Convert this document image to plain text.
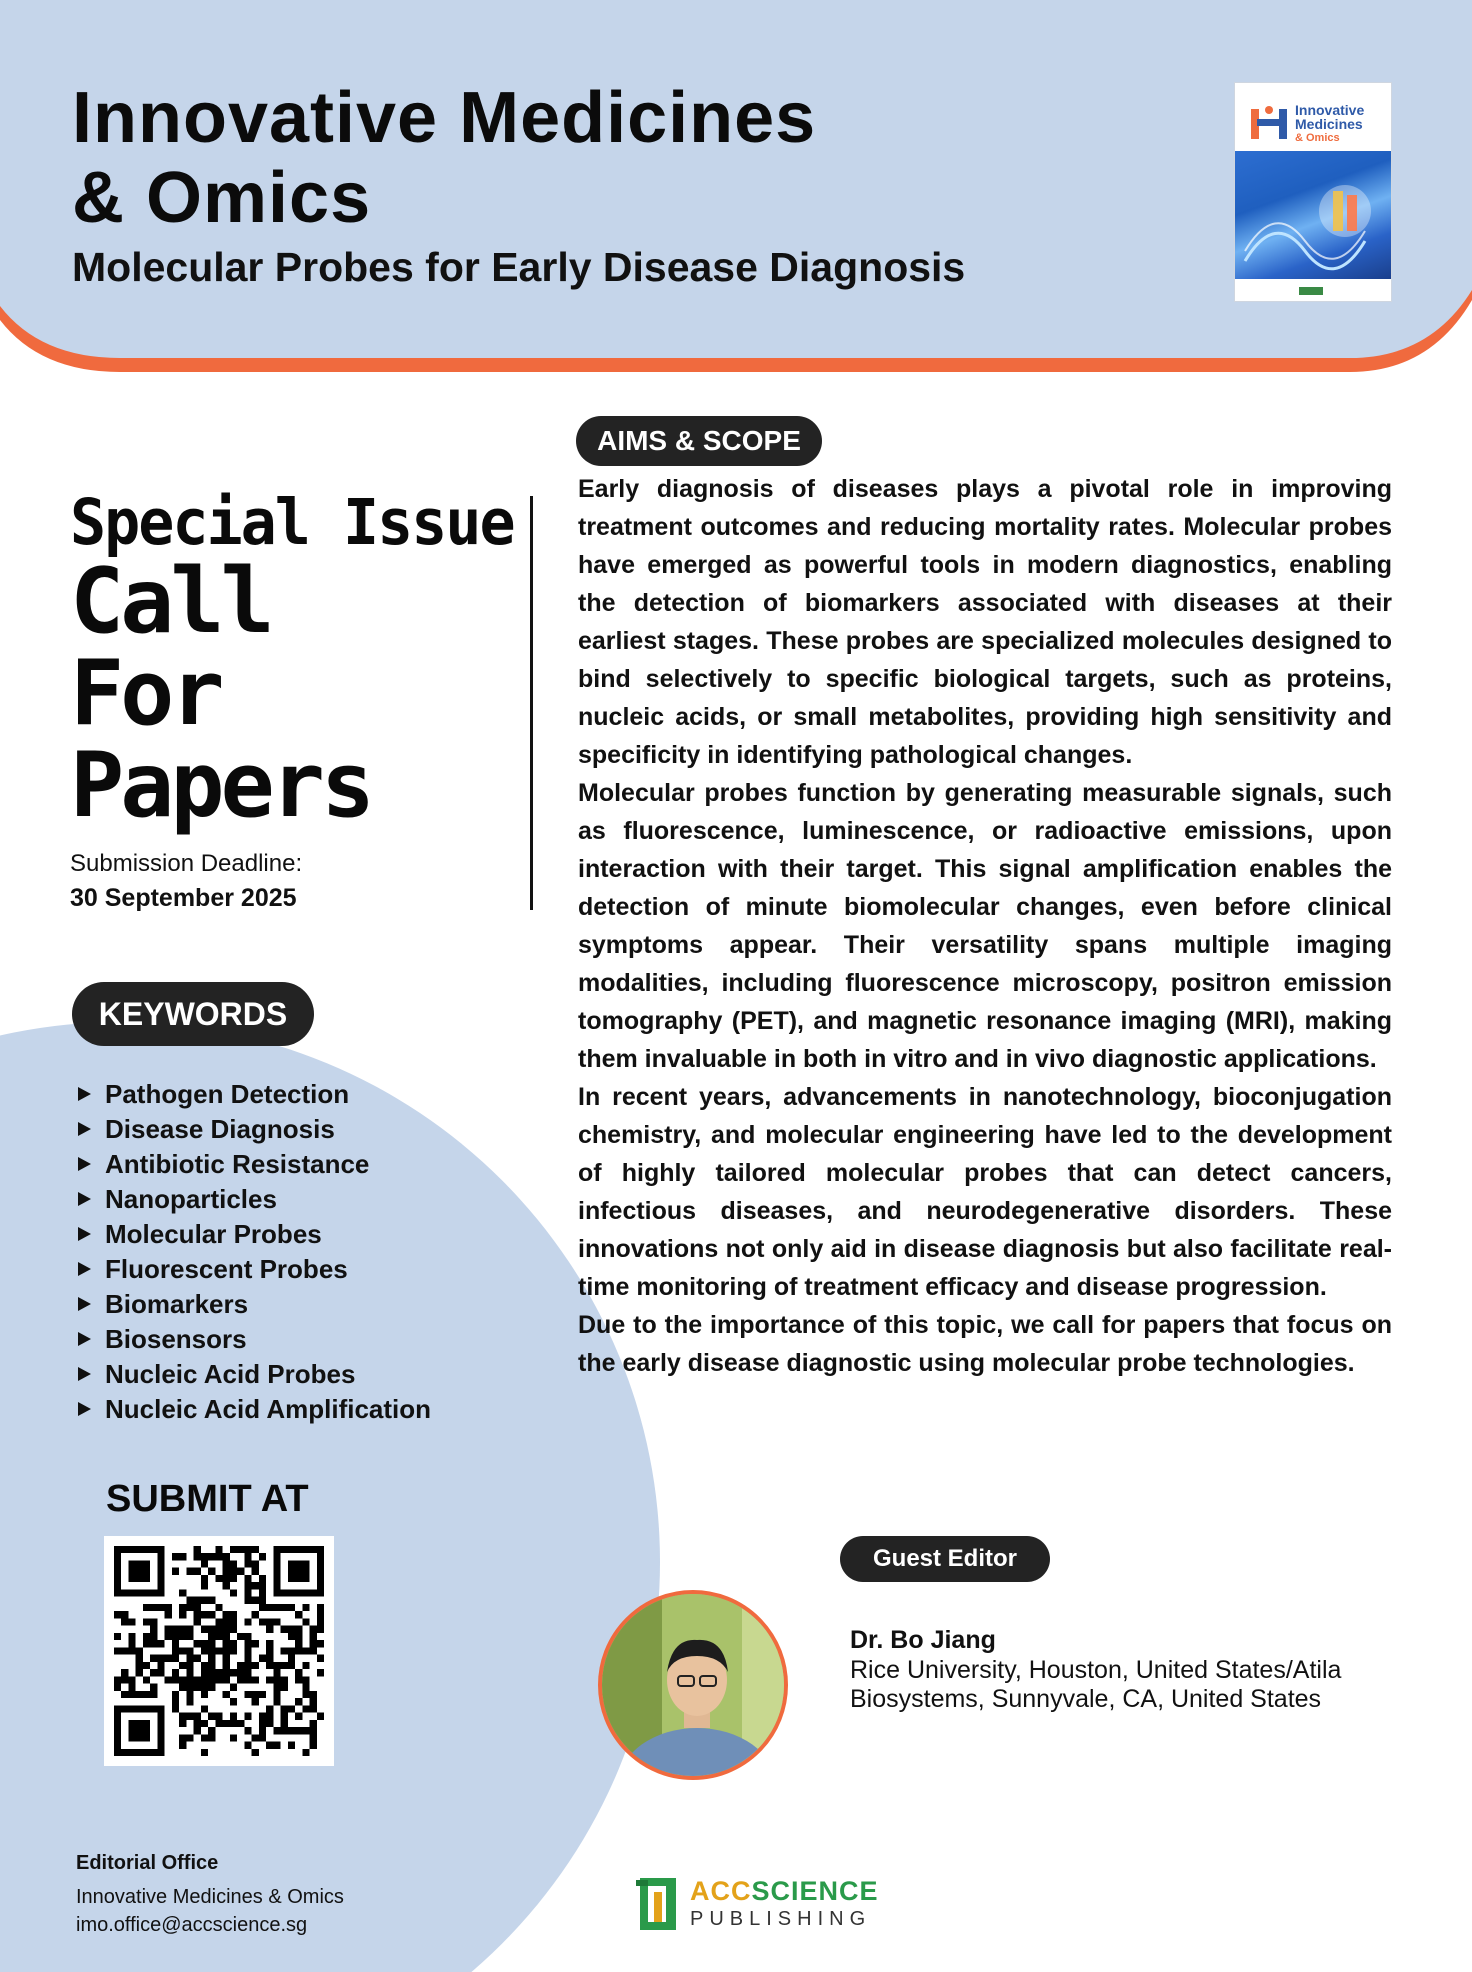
Innovative Medicines
& Omics
Molecular Probes for Early Disease Diagnosis
Innovative
Medicines
& Omics
Special Issue
Call
For
Papers
Submission Deadline:
30 September 2025
KEYWORDS
Pathogen Detection
Disease Diagnosis
Antibiotic Resistance
Nanoparticles
Molecular Probes
Fluorescent Probes
Biomarkers
Biosensors
Nucleic Acid Probes
Nucleic Acid Amplification
SUBMIT AT
Editorial Office
Innovative Medicines & Omics
imo.office@accscience.sg
AIMS & SCOPE

Early diagnosis of diseases plays a pivotal role in improving treatment outcomes and reducing mortality rates. Molecular probes have emerged as powerful tools in modern diagnostics, enabling the detection of biomarkers associated with diseases at their earliest stages. These probes are specialized molecules designed to bind selectively to specific biological targets, such as proteins, nucleic acids, or small metabolites, providing high sensitivity and specificity in identifying pathological changes.

Molecular probes function by generating measurable signals, such as fluorescence, luminescence, or radioactive emissions, upon interaction with their target. This signal amplification enables the detection of minute biomolecular changes, even before clinical symptoms appear. Their versatility spans multiple imaging modalities, including fluorescence microscopy, positron emission tomography (PET), and magnetic resonance imaging (MRI), making them invaluable in both in vitro and in vivo diagnostic applications.

In recent years, advancements in nanotechnology, bioconjugation chemistry, and molecular engineering have led to the development of highly tailored molecular probes that can detect cancers, infectious diseases, and neurodegenerative disorders. These innovations not only aid in disease diagnosis but also facilitate real-time monitoring of treatment efficacy and disease progression.

Due to the importance of this topic, we call for papers that focus on the early disease diagnostic using molecular probe technologies.

Guest Editor
Dr. Bo Jiang
Rice University, Houston, United States/Atila
Biosystems, Sunnyvale, CA, United States
ACCSCIENCE
PUBLISHING
